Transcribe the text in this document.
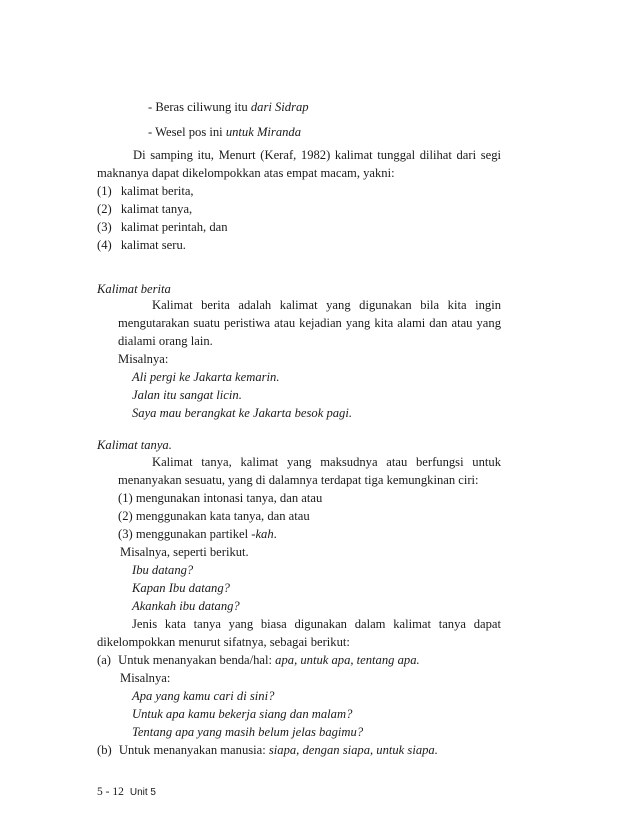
- Beras ciliwung itu dari Sidrap
- Wesel pos ini untuk Miranda
Di samping itu, Menurt (Keraf, 1982) kalimat tunggal dilihat dari segi
maknanya dapat dikelompokkan atas empat macam, yakni:
(1) kalimat berita,
(2) kalimat tanya,
(3) kalimat perintah, dan
(4) kalimat seru.
Kalimat berita
Kalimat berita adalah kalimat yang digunakan bila kita ingin
mengutarakan suatu peristiwa atau kejadian yang kita alami dan atau yang
dialami orang lain.
Misalnya:
Ali pergi ke Jakarta kemarin.
Jalan itu sangat licin.
Saya mau berangkat ke Jakarta besok pagi.
Kalimat tanya.
Kalimat tanya, kalimat yang maksudnya atau berfungsi untuk
menanyakan sesuatu, yang di dalamnya terdapat tiga kemungkinan ciri:
(1) mengunakan intonasi tanya, dan atau
(2) menggunakan kata tanya, dan atau
(3) menggunakan partikel -kah.
Misalnya, seperti berikut.
Ibu datang?
Kapan Ibu datang?
Akankah ibu datang?
Jenis kata tanya yang biasa digunakan dalam kalimat tanya dapat
dikelompokkan menurut sifatnya, sebagai berikut:
(a) Untuk menanyakan benda/hal: apa, untuk apa, tentang apa.
Misalnya:
Apa yang kamu cari di sini?
Untuk apa kamu bekerja siang dan malam?
Tentang apa yang masih belum jelas bagimu?
(b) Untuk menanyakan manusia: siapa, dengan siapa, untuk siapa.
5 - 12 Unit 5
